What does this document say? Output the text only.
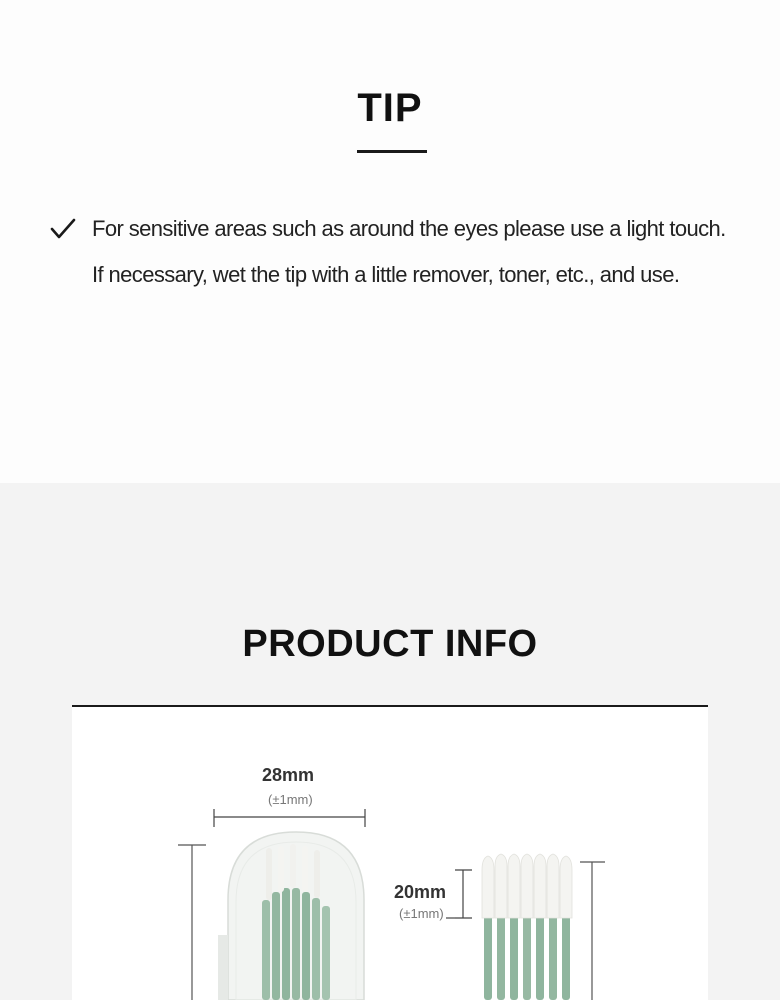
TIP
For sensitive areas such as around the eyes please use a light touch.
If necessary, wet the tip with a little remover, toner, etc., and use.
PRODUCT INFO
28mm
(±1mm)
20mm
(±1mm)
